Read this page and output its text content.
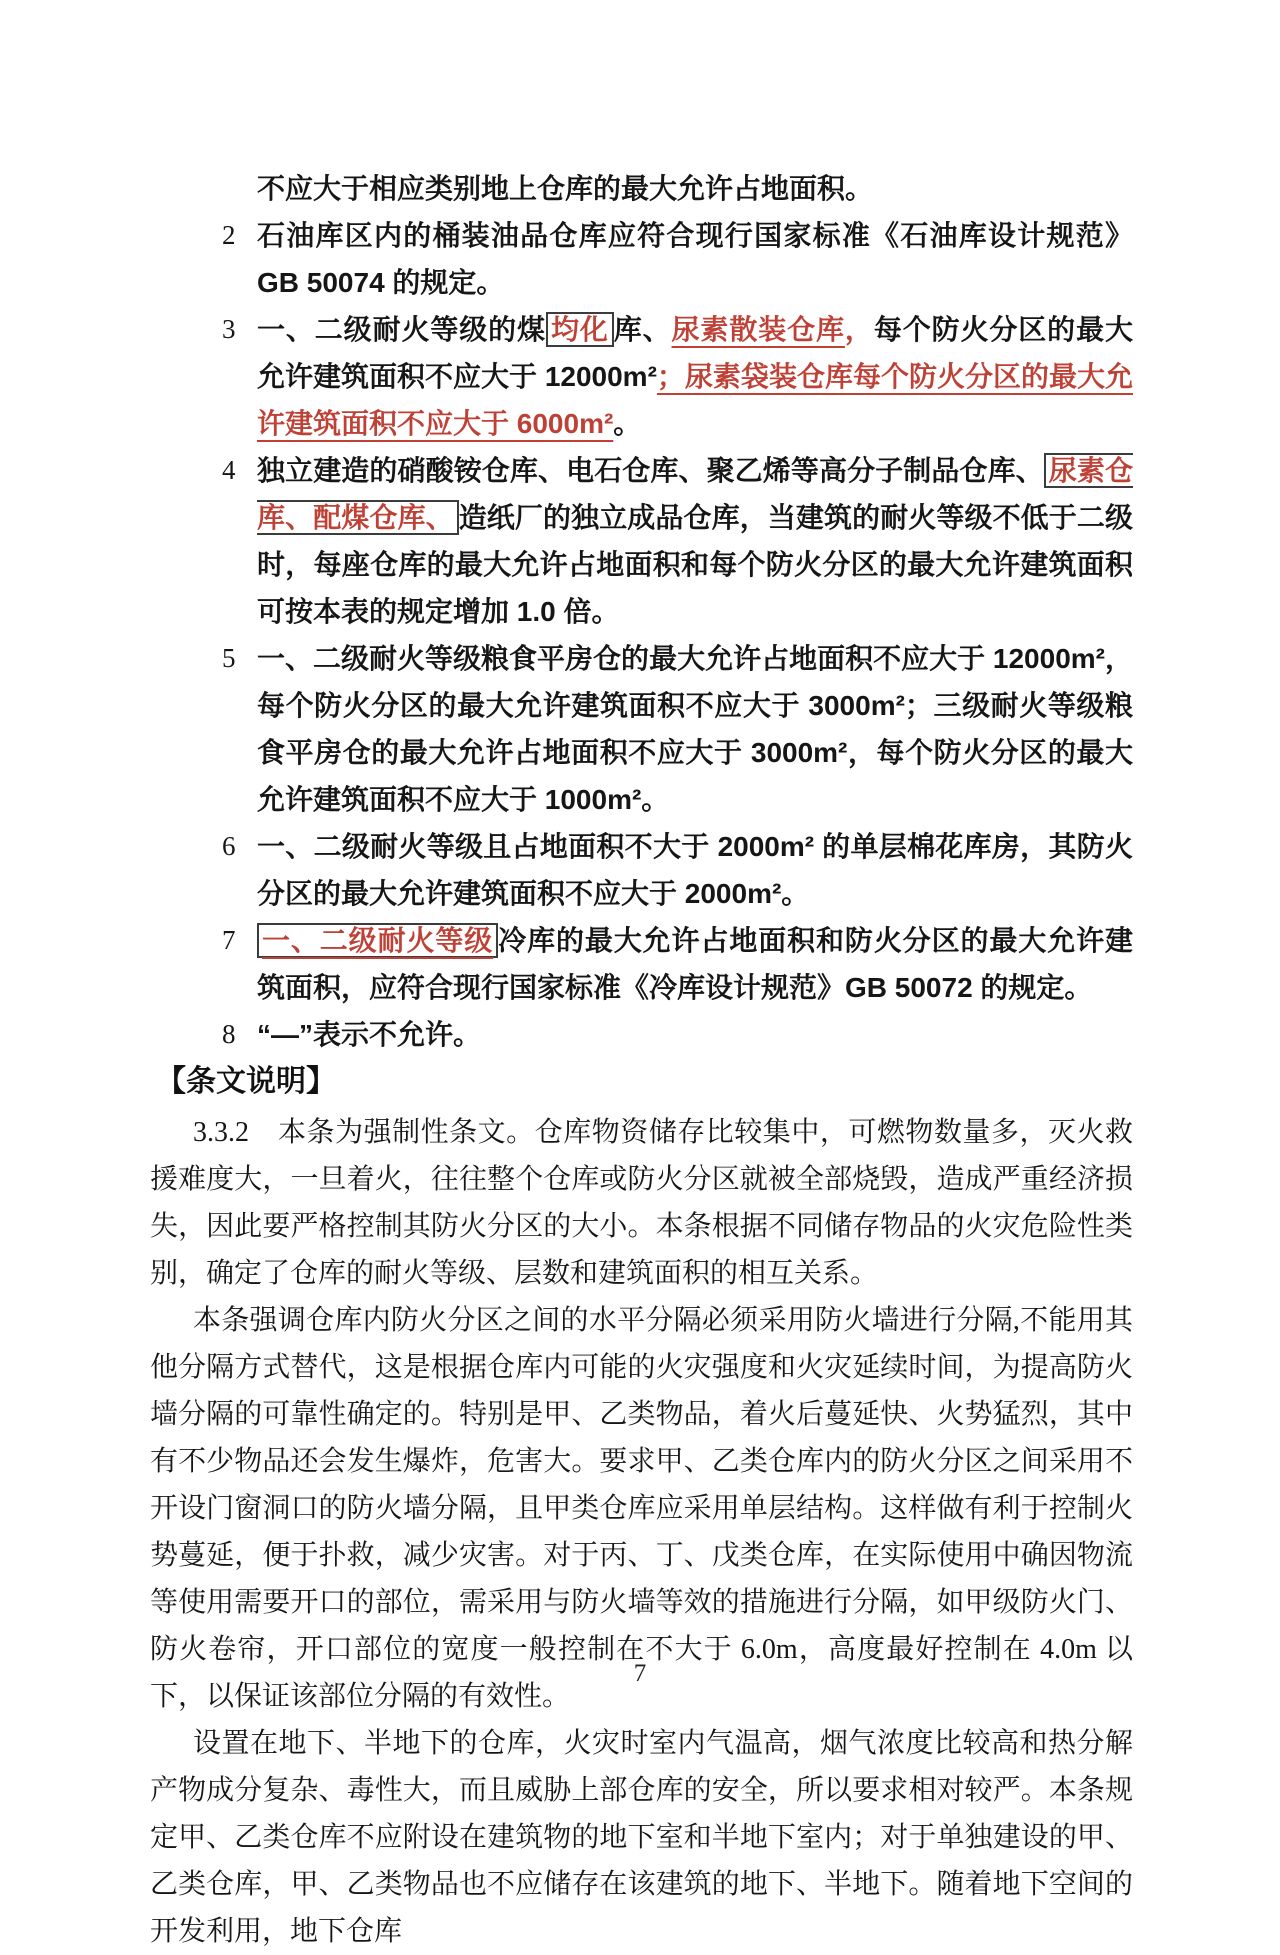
不应大于相应类别地上仓库的最大允许占地面积。
2 石油库区内的桶装油品仓库应符合现行国家标准《石油库设计规范》GB 50074 的规定。
3 一、二级耐火等级的煤 均化 库、尿素散装仓库，每个防火分区的最大允许建筑面积不应大于 12000m²；尿素袋装仓库每个防火分区的最大允许建筑面积不应大于 6000m²。
4 独立建造的硝酸铵仓库、电石仓库、聚乙烯等高分子制品仓库、 尿素仓库、配煤仓库、 造纸厂的独立成品仓库，当建筑的耐火等级不低于二级时，每座仓库的最大允许占地面积和每个防火分区的最大允许建筑面积可按本表的规定增加 1.0 倍。
5 一、二级耐火等级粮食平房仓的最大允许占地面积不应大于 12000m²，每个防火分区的最大允许建筑面积不应大于 3000m²；三级耐火等级粮食平房仓的最大允许占地面积不应大于 3000m²，每个防火分区的最大允许建筑面积不应大于 1000m²。
6 一、二级耐火等级且占地面积不大于 2000m² 的单层棉花库房，其防火分区的最大允许建筑面积不应大于 2000m²。
7 一、二级耐火等级 冷库的最大允许占地面积和防火分区的最大允许建筑面积，应符合现行国家标准《冷库设计规范》GB 50072 的规定。
8 “—”表示不允许。
【条文说明】

3.3.2　本条为强制性条文。仓库物资储存比较集中，可燃物数量多，灭火救援难度大，一旦着火，往往整个仓库或防火分区就被全部烧毁，造成严重经济损失，因此要严格控制其防火分区的大小。本条根据不同储存物品的火灾危险性类别，确定了仓库的耐火等级、层数和建筑面积的相互关系。

本条强调仓库内防火分区之间的水平分隔必须采用防火墙进行分隔,不能用其他分隔方式替代，这是根据仓库内可能的火灾强度和火灾延续时间，为提高防火墙分隔的可靠性确定的。特别是甲、乙类物品，着火后蔓延快、火势猛烈，其中有不少物品还会发生爆炸，危害大。要求甲、乙类仓库内的防火分区之间采用不开设门窗洞口的防火墙分隔，且甲类仓库应采用单层结构。这样做有利于控制火势蔓延，便于扑救，减少灾害。对于丙、丁、戊类仓库，在实际使用中确因物流等使用需要开口的部位，需采用与防火墙等效的措施进行分隔，如甲级防火门、防火卷帘，开口部位的宽度一般控制在不大于 6.0m，高度最好控制在 4.0m 以下，以保证该部位分隔的有效性。

设置在地下、半地下的仓库，火灾时室内气温高，烟气浓度比较高和热分解产物成分复杂、毒性大，而且威胁上部仓库的安全，所以要求相对较严。本条规定甲、乙类仓库不应附设在建筑物的地下室和半地下室内；对于单独建设的甲、乙类仓库，甲、乙类物品也不应储存在该建筑的地下、半地下。随着地下空间的开发利用，地下仓库

7
